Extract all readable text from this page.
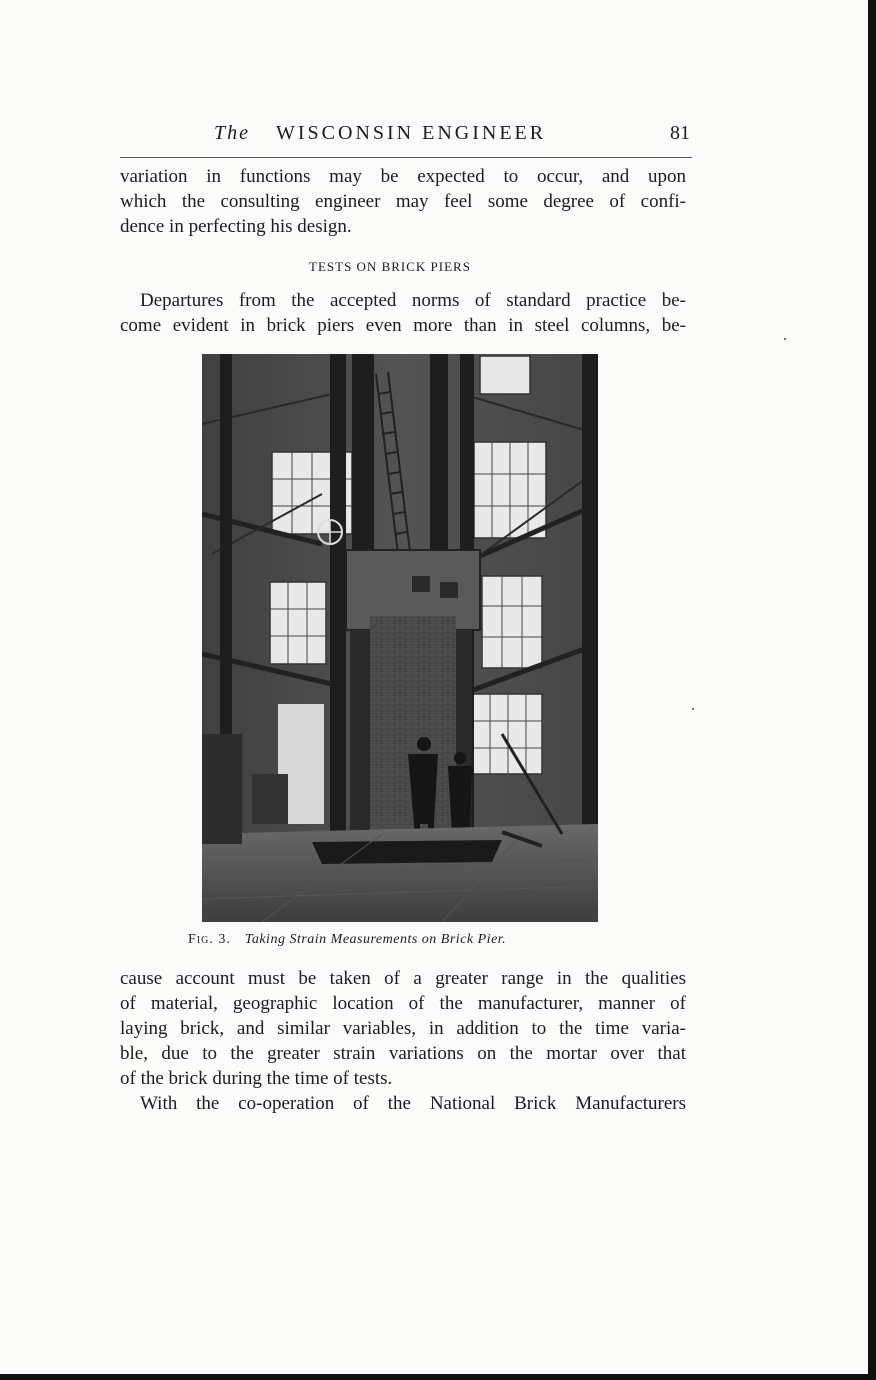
The WISCONSIN ENGINEER	81
variation in functions may be expected to occur, and upon
which the consulting engineer may feel some degree of confi-
dence in perfecting his design.
TESTS ON BRICK PIERS
Departures from the accepted norms of standard practice be-
come evident in brick piers even more than in steel columns, be-
Fig. 3. Taking Strain Measurements on Brick Pier.
cause account must be taken of a greater range in the qualities
of material, geographic location of the manufacturer, manner of
laying brick, and similar variables, in addition to the time varia-
ble, due to the greater strain variations on the mortar over that
of the brick during the time of tests.
With the co-operation of the National Brick Manufacturers
